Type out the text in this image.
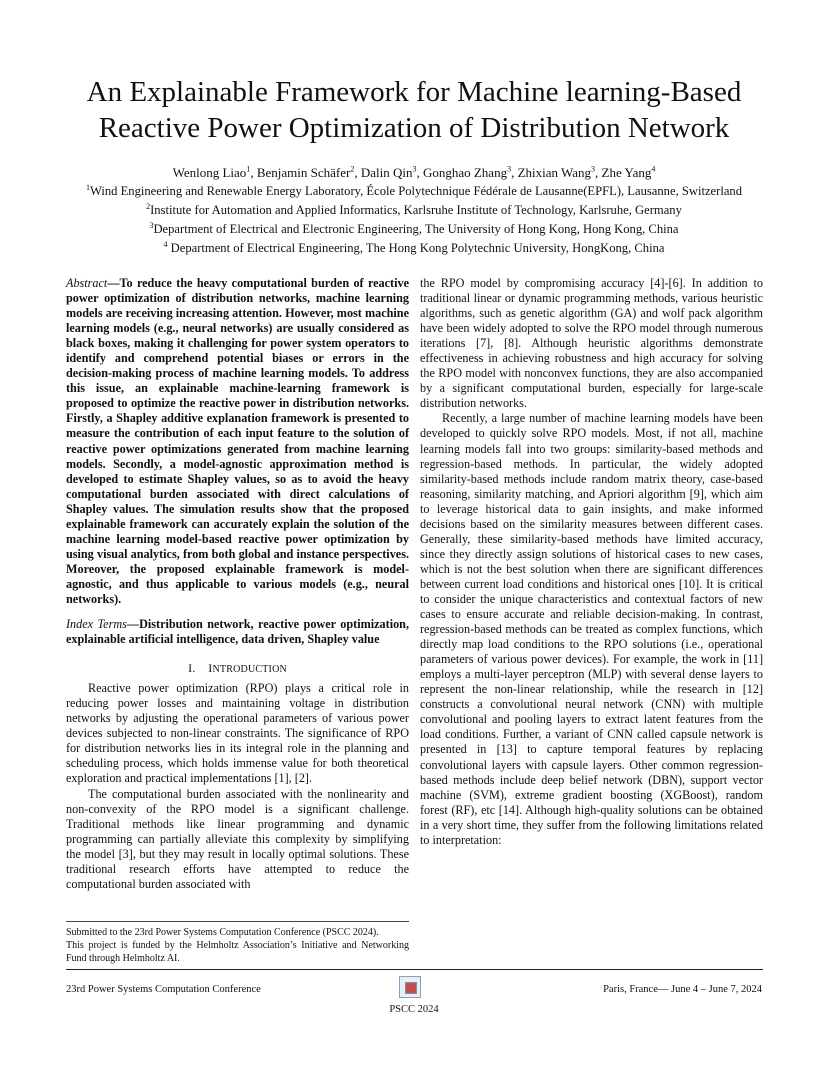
An Explainable Framework for Machine learning-Based
Reactive Power Optimization of Distribution Network
Wenlong Liao$^1$, Benjamin Schäfer$^2$, Dalin Qin$^3$, Gonghao Zhang$^3$, Zhixian Wang$^3$, Zhe Yang$^4$
$^1$Wind Engineering and Renewable Energy Laboratory, École Polytechnique Fédérale de Lausanne(EPFL), Lausanne, Switzerland
$^2$Institute for Automation and Applied Informatics, Karlsruhe Institute of Technology, Karlsruhe, Germany
$^3$Department of Electrical and Electronic Engineering, The University of Hong Kong, Hong Kong, China
$^4$ Department of Electrical Engineering, The Hong Kong Polytechnic University, HongKong, China

Abstract—To reduce the heavy computational burden of reactive power optimization of distribution networks, machine learning models are receiving increasing attention. However, most machine learning models (e.g., neural networks) are usually considered as black boxes, making it challenging for power system operators to identify and comprehend potential biases or errors in the decision-making process of machine learning models. To address this issue, an explainable machine-learning framework is proposed to optimize the reactive power in distribution networks. Firstly, a Shapley additive explanation framework is presented to measure the contribution of each input feature to the solution of reactive power optimizations generated from machine learning models. Secondly, a model-agnostic approximation method is developed to estimate Shapley values, so as to avoid the heavy computational burden associated with direct calculations of Shapley values. The simulation results show that the proposed explainable framework can accurately explain the solution of the machine learning model-based reactive power optimization by using visual analytics, from both global and instance perspectives. Moreover, the proposed explainable framework is model-agnostic, and thus applicable to various models (e.g., neural networks).

Index Terms—Distribution network, reactive power optimization, explainable artificial intelligence, data driven, Shapley value

I. INTRODUCTION

Reactive power optimization (RPO) plays a critical role in reducing power losses and maintaining voltage in distribution networks by adjusting the operational parameters of various power devices subjected to non-linear constraints. The significance of RPO for distribution networks lies in its integral role in the planning and scheduling process, which holds immense value for both theoretical exploration and practical implementations [1], [2].

The computational burden associated with the nonlinearity and non-convexity of the RPO model is a significant challenge. Traditional methods like linear programming and dynamic programming can partially alleviate this complexity by simplifying the model [3], but they may result in locally optimal solutions. These traditional research efforts have attempted to reduce the computational burden associated with

the RPO model by compromising accuracy [4]-[6]. In addition to traditional linear or dynamic programming methods, various heuristic algorithms, such as genetic algorithm (GA) and wolf pack algorithm have been widely adopted to solve the RPO model through numerous iterations [7], [8]. Although heuristic algorithms demonstrate effectiveness in achieving robustness and high accuracy for solving the RPO model with nonconvex functions, they are also accompanied by a significant computational burden, especially for large-scale distribution networks.

Recently, a large number of machine learning models have been developed to quickly solve RPO models. Most, if not all, machine learning models fall into two groups: similarity-based methods and regression-based methods. In particular, the widely adopted similarity-based methods include random matrix theory, case-based reasoning, similarity matching, and Apriori algorithm [9], which aim to leverage historical data to gain insights, and make informed decisions based on the similarity measures between different cases. Generally, these similarity-based methods have limited accuracy, since they directly assign solutions of historical cases to new cases, which is not the best solution when there are significant differences between current load conditions and historical ones [10]. It is critical to consider the unique characteristics and contextual factors of new cases to ensure accurate and reliable decision-making. In contrast, regression-based methods can be treated as complex functions, which directly map load conditions to the RPO solutions (i.e., operational parameters of various power devices). For example, the work in [11] employs a multi-layer perceptron (MLP) with several dense layers to represent the non-linear relationship, while the research in [12] constructs a convolutional neural network (CNN) with multiple convolutional and pooling layers to extract latent features from the load conditions. Further, a variant of CNN called capsule network is presented in [13] to capture temporal features by replacing convolutional layers with capsule layers. Other common regression-based methods include deep belief network (DBN), support vector machine (SVM), extreme gradient boosting (XGBoost), random forest (RF), etc [14]. Although high-quality solutions can be obtained in a very short time, they suffer from the following limitations related to interpretation:

Submitted to the 23rd Power Systems Computation Conference (PSCC 2024).

This project is funded by the Helmholtz Association’s Initiative and Networking Fund through Helmholtz AI.

23rd Power Systems Computation Conference
PSCC 2024
Paris, France— June 4 – June 7, 2024
